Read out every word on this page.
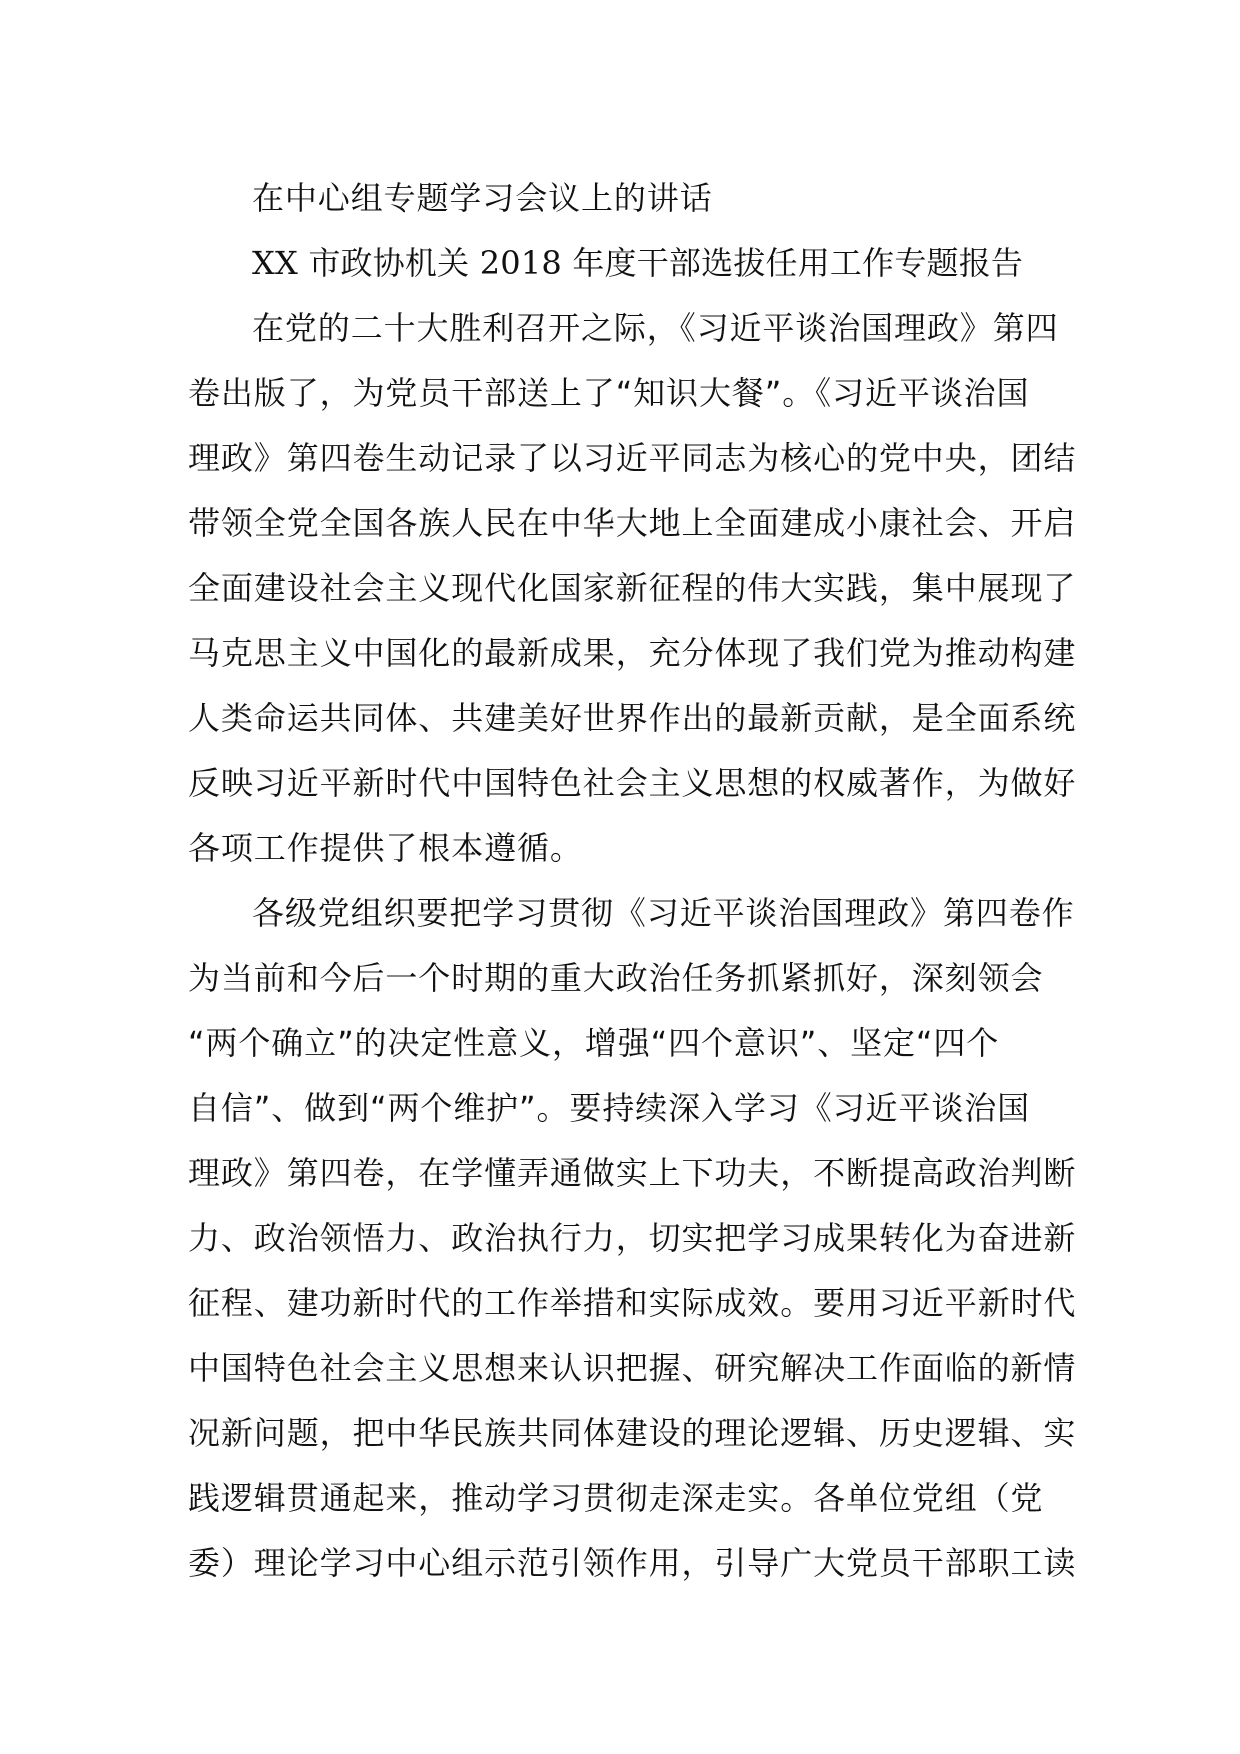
在中心组专题学习会议上的讲话
XX 市政协机关 2018 年度干部选拔任用工作专题报告
在党的二十大胜利召开之际，《习近平谈治国理政》第四
卷出版了，为党员干部送上了“知识大餐”。《习近平谈治国
理政》第四卷生动记录了以习近平同志为核心的党中央，团结
带领全党全国各族人民在中华大地上全面建成小康社会、开启
全面建设社会主义现代化国家新征程的伟大实践，集中展现了
马克思主义中国化的最新成果，充分体现了我们党为推动构建
人类命运共同体、共建美好世界作出的最新贡献，是全面系统
反映习近平新时代中国特色社会主义思想的权威著作，为做好
各项工作提供了根本遵循。
各级党组织要把学习贯彻《习近平谈治国理政》第四卷作
为当前和今后一个时期的重大政治任务抓紧抓好，深刻领会
“两个确立”的决定性意义，增强“四个意识”、坚定“四个
自信”、做到“两个维护”。要持续深入学习《习近平谈治国
理政》第四卷，在学懂弄通做实上下功夫，不断提高政治判断
力、政治领悟力、政治执行力，切实把学习成果转化为奋进新
征程、建功新时代的工作举措和实际成效。要用习近平新时代
中国特色社会主义思想来认识把握、研究解决工作面临的新情
况新问题，把中华民族共同体建设的理论逻辑、历史逻辑、实
践逻辑贯通起来，推动学习贯彻走深走实。各单位党组（党
委）理论学习中心组示范引领作用，引导广大党员干部职工读
